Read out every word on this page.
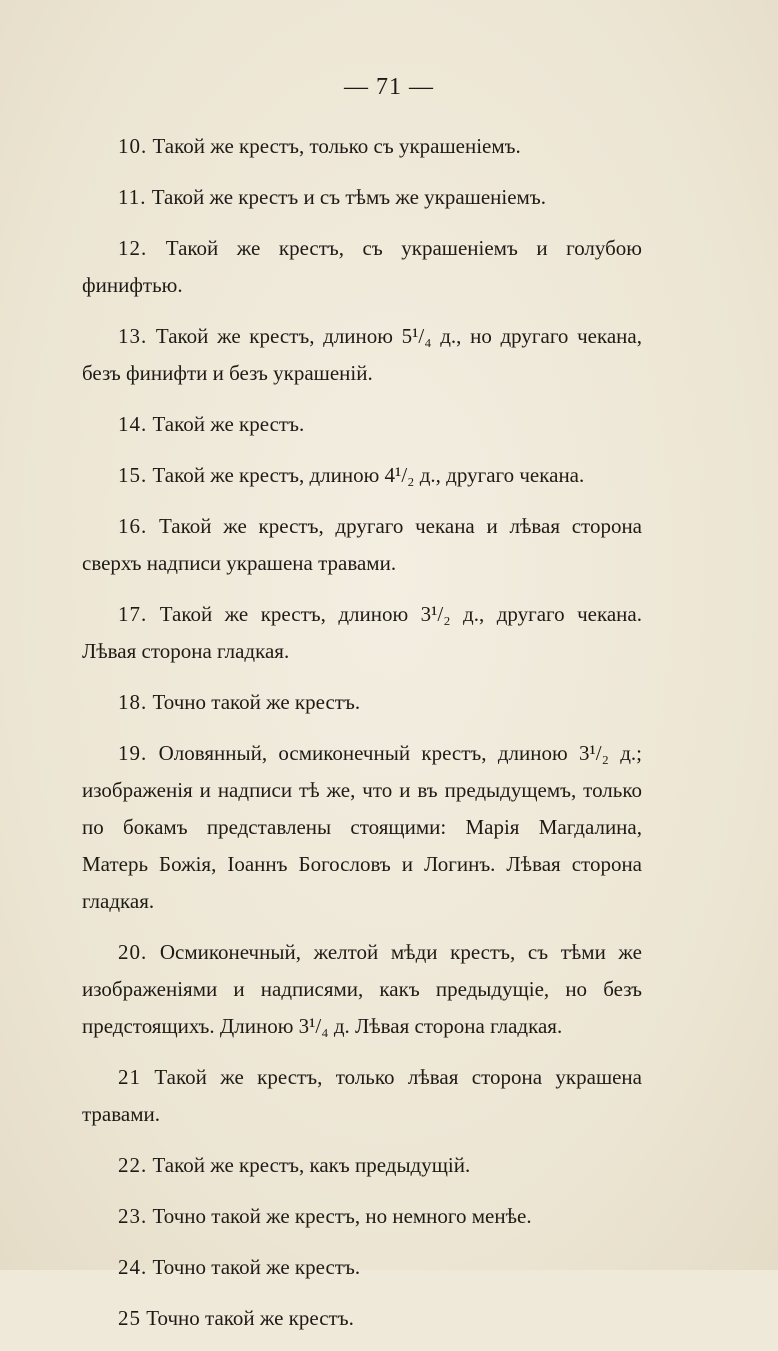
— 71 —

10. Такой же крестъ, только съ украшеніемъ.

11. Такой же крестъ и съ тѣмъ же украшеніемъ.

12. Такой же крестъ, съ украшеніемъ и голубою финифтью.

13. Такой же крестъ, длиною 5¹/₄ д., но другаго чекана, безъ финифти и безъ украшеній.

14. Такой же крестъ.

15. Такой же крестъ, длиною 4¹/₂ д., другаго чекана.

16. Такой же крестъ, другаго чекана и лѣвая сторона сверхъ надписи украшена травами.

17. Такой же крестъ, длиною 3¹/₂ д., другаго чекана. Лѣвая сторона гладкая.

18. Точно такой же крестъ.

19. Оловянный, осмиконечный крестъ, длиною 3¹/₂ д.; изображенія и надписи тѣ же, что и въ предыдущемъ, только по бокамъ представлены стоящими: Марія Магдалина, Матерь Божія, Іоаннъ Богословъ и Логинъ. Лѣвая сторона гладкая.

20. Осмиконечный, желтой мѣди крестъ, съ тѣми же изображеніями и надписями, какъ предыдущіе, но безъ предстоящихъ. Длиною 3¹/₄ д. Лѣвая сторона гладкая.

21 Такой же крестъ, только лѣвая сторона украшена травами.

22. Такой же крестъ, какъ предыдущій.

23. Точно такой же крестъ, но немного менѣе.

24. Точно такой же крестъ.

25 Точно такой же крестъ.
